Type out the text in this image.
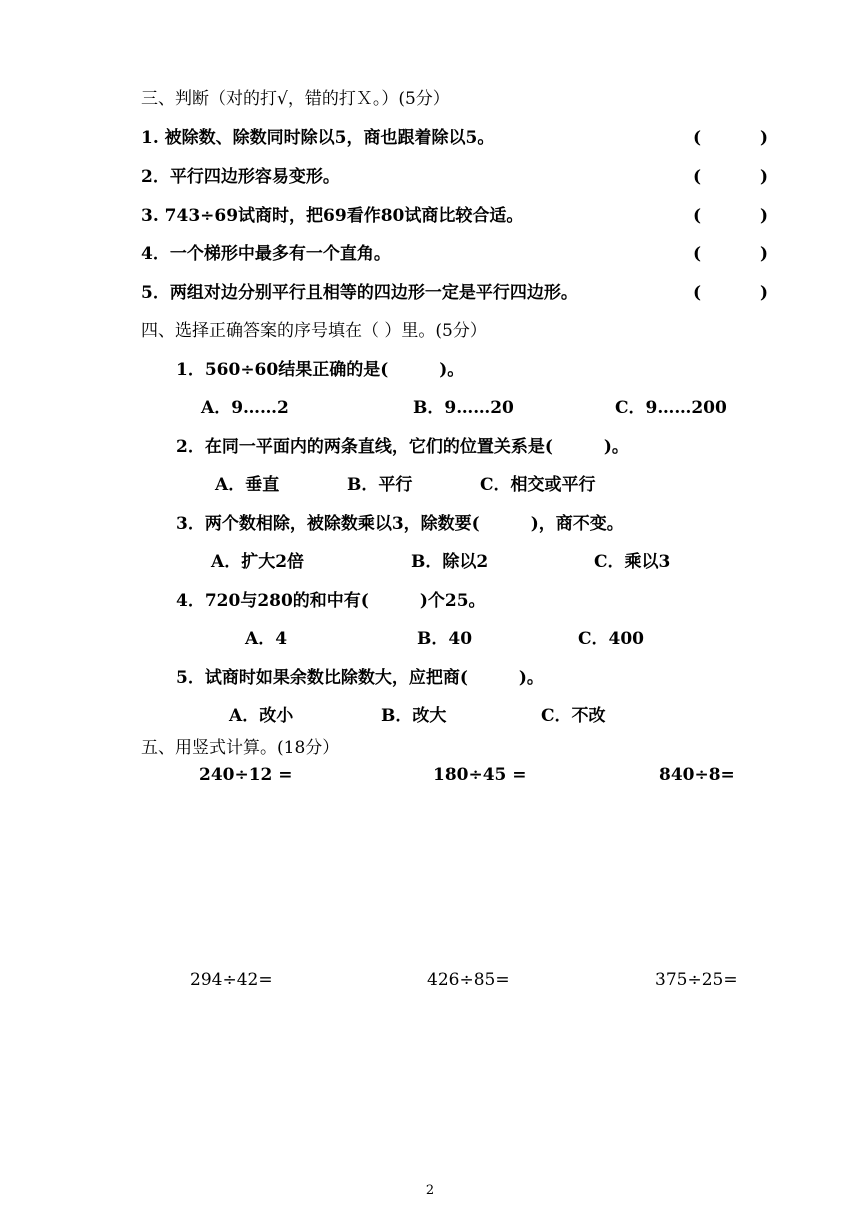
三、判断（对的打√，错的打Ｘ。）(5分）
1. 被除数、除数同时除以5，商也跟着除以5。	(	)
2．平行四边形容易变形。	(	)
3. 743÷69试商时，把69看作80试商比较合适。	(	)
4．一个梯形中最多有一个直角。	(	)
5．两组对边分别平行且相等的四边形一定是平行四边形。	(	)
四、选择正确答案的序号填在（ ）里。(5分）
1．560÷60结果正确的是(　　　)。
A．9……2	B．9……20	C．9……200
2．在同一平面内的两条直线，它们的位置关系是(　　　)。
A．垂直	B．平行	C．相交或平行
3．两个数相除，被除数乘以3，除数要(　　　)，商不变。
A．扩大2倍	B．除以2	C．乘以3
4．720与280的和中有(　　　)个25。
A．4	B．40	C．400
5．试商时如果余数比除数大，应把商(　　　)。
A．改小	B．改大	C．不改
五、用竖式计算。(18分）
240÷12 =	180÷45 =	840÷8=
294÷42=	426÷85=	375÷25=
2
